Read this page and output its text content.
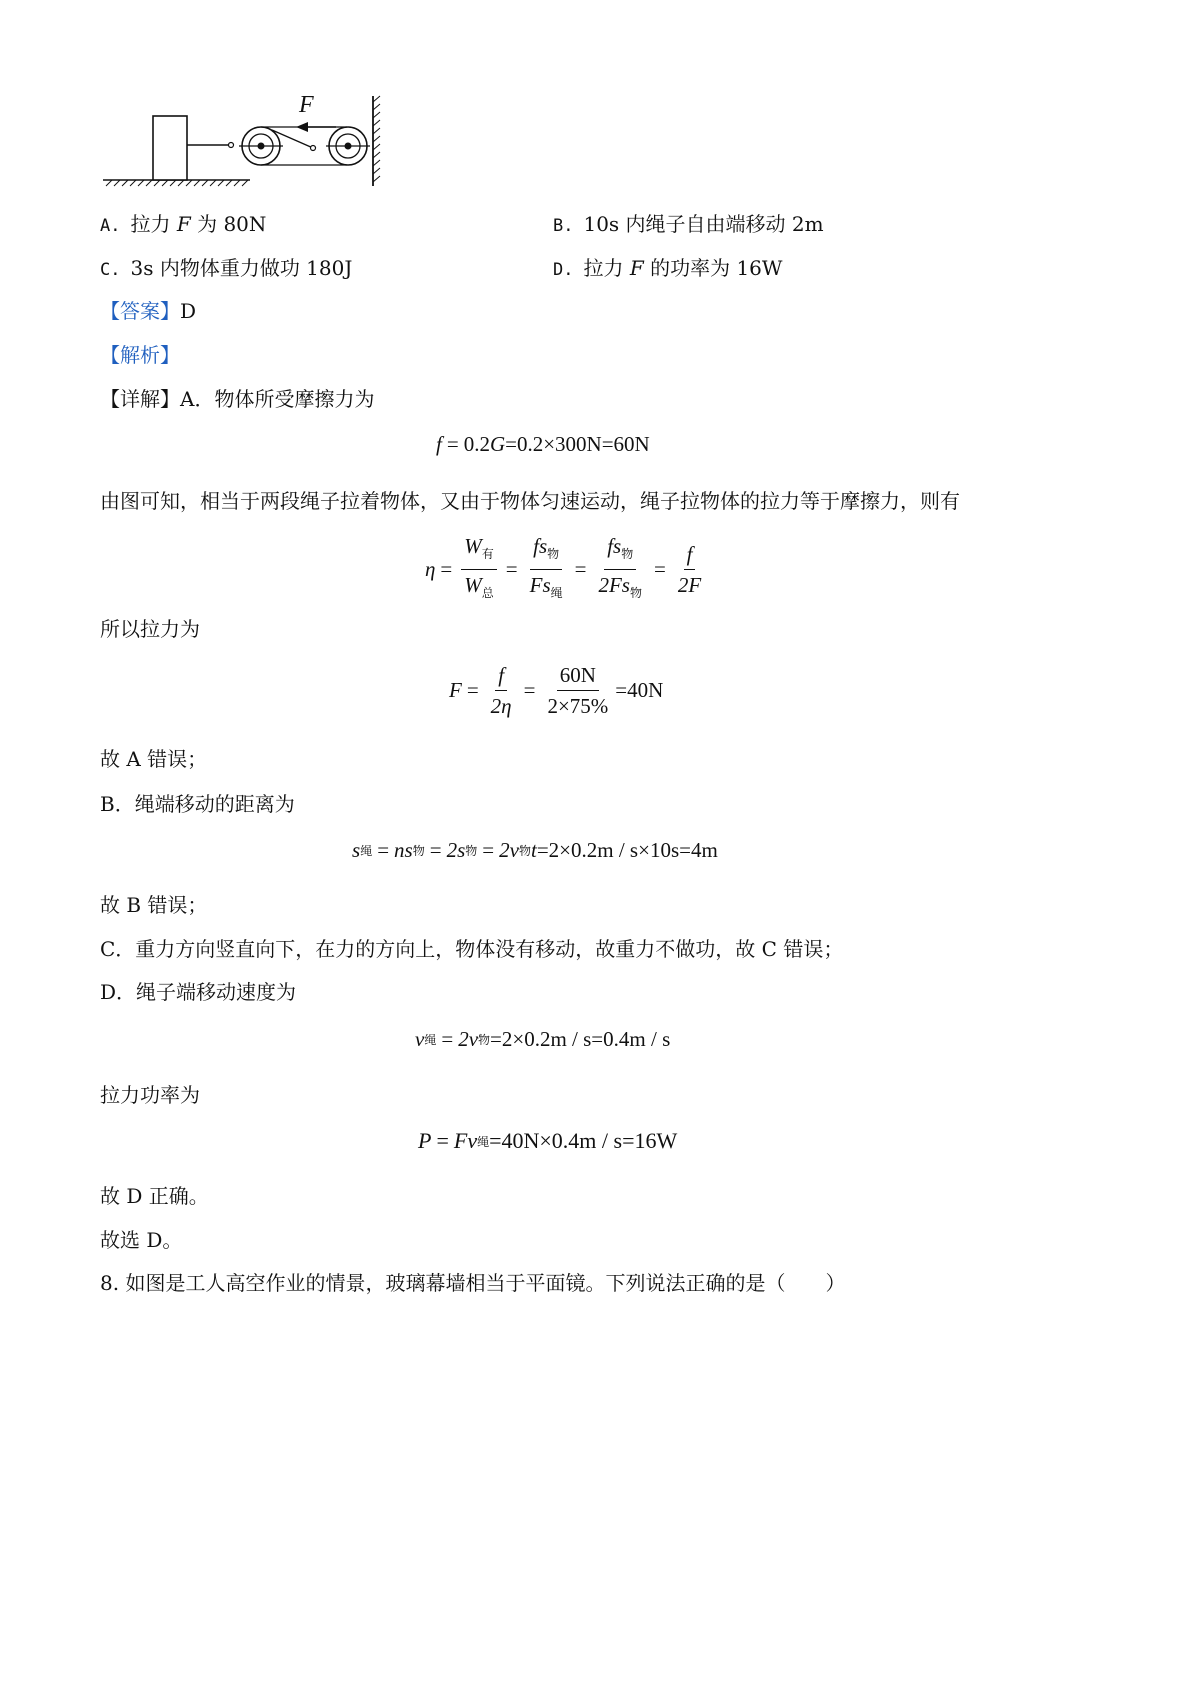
F
A. 拉力 F 为 80N	B. 10s 内绳子自由端移动 2m
C. 3s 内物体重力做功 180J	D. 拉力 F 的功率为 16W
【答案】D
【解析】
【详解】A．物体所受摩擦力为
f = 0.2 G =0.2×300N=60N
由图可知，相当于两段绳子拉着物体，又由于物体匀速运动，绳子拉物体的拉力等于摩擦力，则有
$\eta = \frac{W_有}{W_总} = \frac{fs_物}{Fs_绳} = \frac{fs_物}{2Fs_物} = \frac{f}{2F}$
所以拉力为
$F = \frac{f}{2\eta} = \frac{60N}{2\times 75\%} =40N$
故 A 错误；
B．绳端移动的距离为
s 绳 = ns 物 = 2s 物 = 2v 物 t =2×0.2m / s×10s=4m
故 B 错误；
C．重力方向竖直向下，在力的方向上，物体没有移动，故重力不做功，故 C 错误；
D．绳子端移动速度为
v 绳 = 2v 物 =2×0.2m / s=0.4m / s
拉力功率为
P = Fv 绳 =40N×0.4m / s=16W
故 D 正确。
故选 D。
8. 如图是工人高空作业的情景，玻璃幕墙相当于平面镜。下列说法正确的是（　　）
